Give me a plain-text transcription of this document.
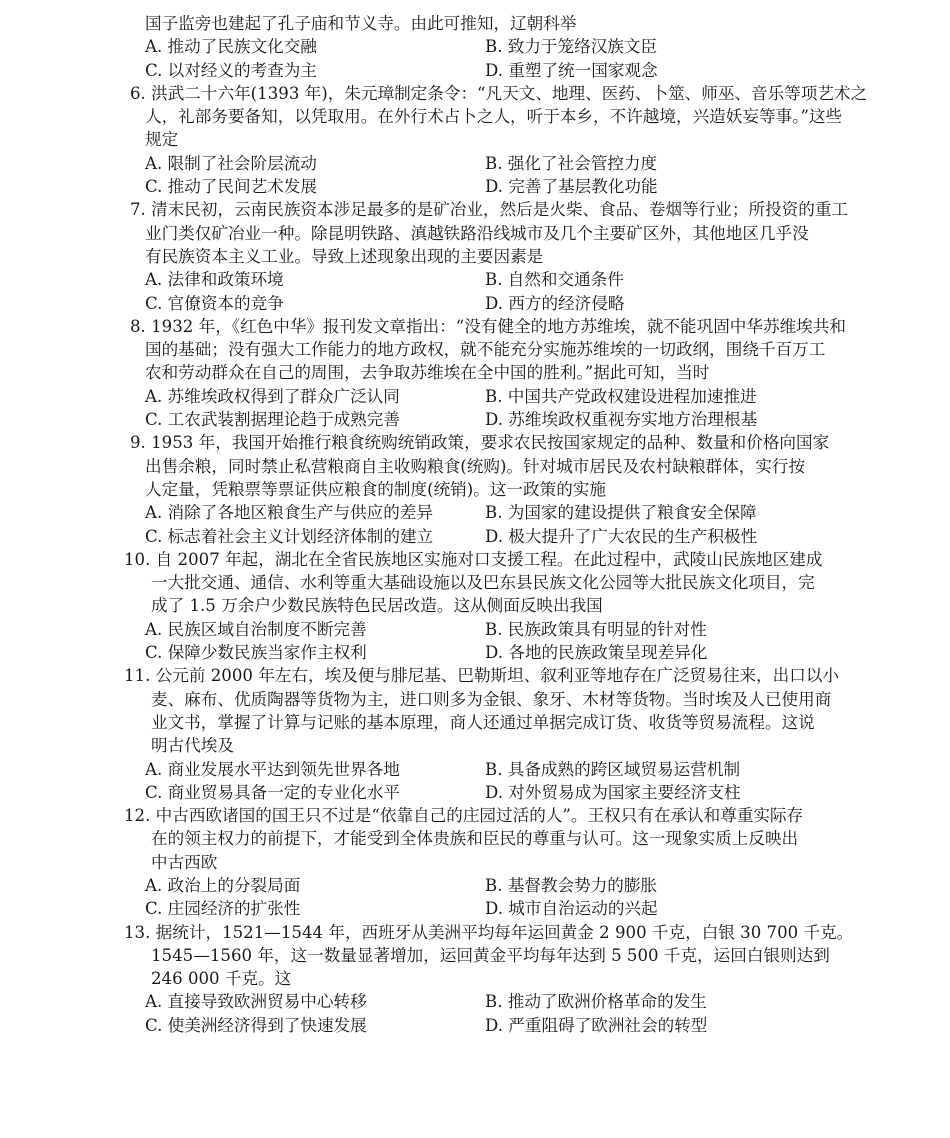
国子监旁也建起了孔子庙和节义寺。由此可推知，辽朝科举
A. 推动了民族文化交融	B. 致力于笼络汉族文臣
C. 以对经义的考查为主	D. 重塑了统一国家观念
6. 洪武二十六年(1393 年)，朱元璋制定条令：“凡天文、地理、医药、卜筮、师巫、音乐等项艺术之
人，礼部务要备知，以凭取用。在外行术占卜之人，听于本乡，不许越境，兴造妖妄等事。”这些
规定
A. 限制了社会阶层流动	B. 强化了社会管控力度
C. 推动了民间艺术发展	D. 完善了基层教化功能
7. 清末民初，云南民族资本涉足最多的是矿冶业，然后是火柴、食品、卷烟等行业；所投资的重工
业门类仅矿冶业一种。除昆明铁路、滇越铁路沿线城市及几个主要矿区外，其他地区几乎没
有民族资本主义工业。导致上述现象出现的主要因素是
A. 法律和政策环境	B. 自然和交通条件
C. 官僚资本的竞争	D. 西方的经济侵略
8. 1932 年，《红色中华》报刊发文章指出：“没有健全的地方苏维埃，就不能巩固中华苏维埃共和
国的基础；没有强大工作能力的地方政权，就不能充分实施苏维埃的一切政纲，围绕千百万工
农和劳动群众在自己的周围，去争取苏维埃在全中国的胜利。”据此可知，当时
A. 苏维埃政权得到了群众广泛认同	B. 中国共产党政权建设进程加速推进
C. 工农武装割据理论趋于成熟完善	D. 苏维埃政权重视夯实地方治理根基
9. 1953 年，我国开始推行粮食统购统销政策，要求农民按国家规定的品种、数量和价格向国家
出售余粮，同时禁止私营粮商自主收购粮食(统购)。针对城市居民及农村缺粮群体，实行按
人定量，凭粮票等票证供应粮食的制度(统销)。这一政策的实施
A. 消除了各地区粮食生产与供应的差异	B. 为国家的建设提供了粮食安全保障
C. 标志着社会主义计划经济体制的建立	D. 极大提升了广大农民的生产积极性
10. 自 2007 年起，湖北在全省民族地区实施对口支援工程。在此过程中，武陵山民族地区建成
一大批交通、通信、水利等重大基础设施以及巴东县民族文化公园等大批民族文化项目，完
成了 1.5 万余户少数民族特色民居改造。这从侧面反映出我国
A. 民族区域自治制度不断完善	B. 民族政策具有明显的针对性
C. 保障少数民族当家作主权利	D. 各地的民族政策呈现差异化
11. 公元前 2000 年左右，埃及便与腓尼基、巴勒斯坦、叙利亚等地存在广泛贸易往来，出口以小
麦、麻布、优质陶器等货物为主，进口则多为金银、象牙、木材等货物。当时埃及人已使用商
业文书，掌握了计算与记账的基本原理，商人还通过单据完成订货、收货等贸易流程。这说
明古代埃及
A. 商业发展水平达到领先世界各地	B. 具备成熟的跨区域贸易运营机制
C. 商业贸易具备一定的专业化水平	D. 对外贸易成为国家主要经济支柱
12. 中古西欧诸国的国王只不过是“依靠自己的庄园过活的人”。王权只有在承认和尊重实际存
在的领主权力的前提下，才能受到全体贵族和臣民的尊重与认可。这一现象实质上反映出
中古西欧
A. 政治上的分裂局面	B. 基督教会势力的膨胀
C. 庄园经济的扩张性	D. 城市自治运动的兴起
13. 据统计，1521—1544 年，西班牙从美洲平均每年运回黄金 2 900 千克，白银 30 700 千克。
1545—1560 年，这一数量显著增加，运回黄金平均每年达到 5 500 千克，运回白银则达到
246 000 千克。这
A. 直接导致欧洲贸易中心转移	B. 推动了欧洲价格革命的发生
C. 使美洲经济得到了快速发展	D. 严重阻碍了欧洲社会的转型
